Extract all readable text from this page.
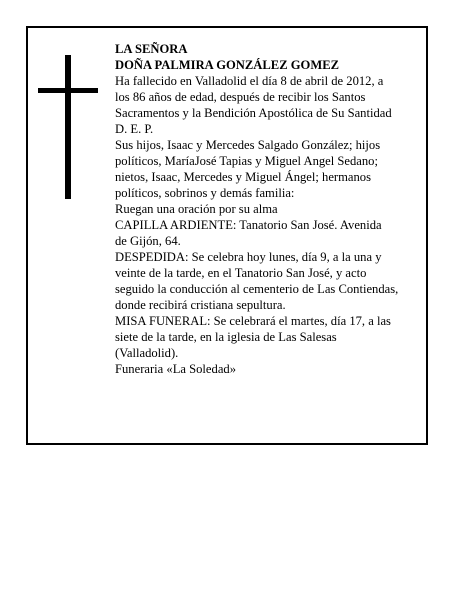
LA SEÑORA
DOÑA PALMIRA GONZÁLEZ GOMEZ

Ha fallecido en Valladolid el día 8 de abril de 2012, a
los 86 años de edad, después de recibir los Santos
Sacramentos y la Bendición Apostólica de Su Santidad
D. E. P.

Sus hijos, Isaac y Mercedes Salgado González; hijos
políticos, MaríaJosé Tapias y Miguel Angel Sedano;
nietos, Isaac, Mercedes y Miguel Ángel; hermanos
políticos, sobrinos y demás familia:

Ruegan una oración por su alma

CAPILLA ARDIENTE: Tanatorio San José. Avenida
de Gijón, 64.

DESPEDIDA: Se celebra hoy lunes, día 9, a la una y
veinte de la tarde, en el Tanatorio San José, y acto
seguido la conducción al cementerio de Las Contiendas,
donde recibirá cristiana sepultura.

MISA FUNERAL: Se celebrará el martes, día 17, a las
siete de la tarde, en la iglesia de Las Salesas
(Valladolid).

Funeraria «La Soledad»
